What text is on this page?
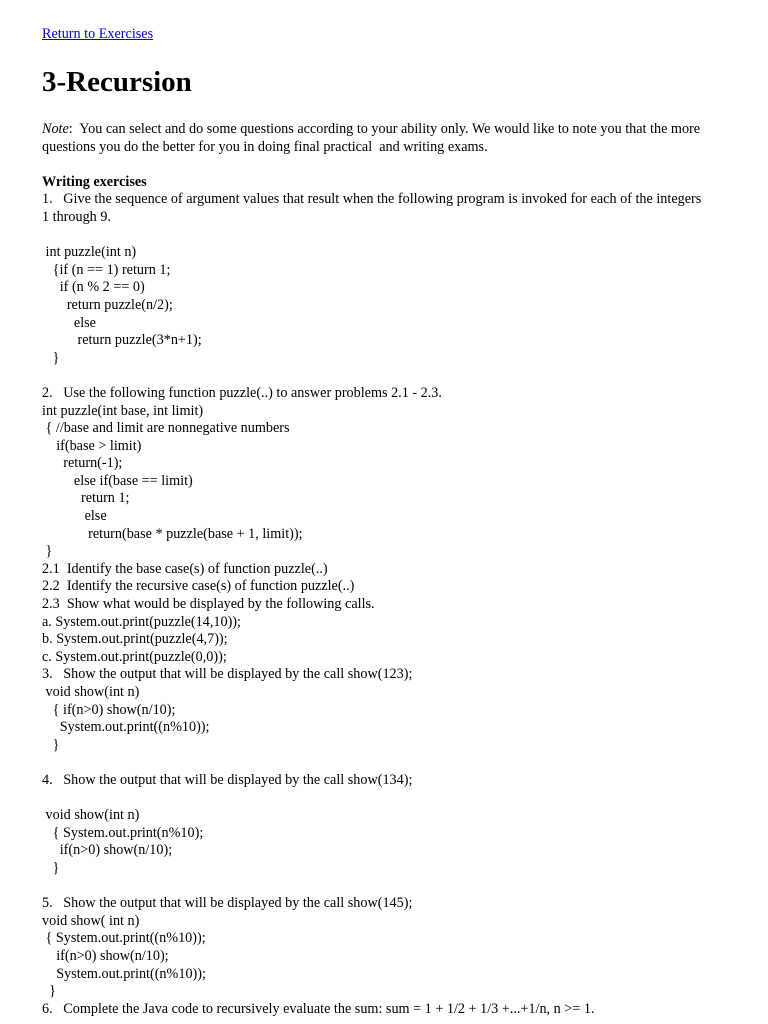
Return to Exercises
3-Recursion
Note:  You can select and do some questions according to your ability only. We would like to note you that the more
questions you do the better for you in doing final practical  and writing exams.
Writing exercises
1.   Give the sequence of argument values that result when the following program is invoked for each of the integers
1 through 9.
int puzzle(int n)
{if (n == 1) return 1;
if (n % 2 == 0)
return puzzle(n/2);
else
return puzzle(3*n+1);
}
2.   Use the following function puzzle(..) to answer problems 2.1 - 2.3.
int puzzle(int base, int limit)
{ //base and limit are nonnegative numbers
if(base > limit)
return(-1);
else if(base == limit)
return 1;
else
return(base * puzzle(base + 1, limit));
}
2.1  Identify the base case(s) of function puzzle(..)
2.2  Identify the recursive case(s) of function puzzle(..)
2.3  Show what would be displayed by the following calls.
a. System.out.print(puzzle(14,10));
b. System.out.print(puzzle(4,7));
c. System.out.print(puzzle(0,0));
3.   Show the output that will be displayed by the call show(123);
void show(int n)
{ if(n>0) show(n/10);
System.out.print((n%10));
}
4.   Show the output that will be displayed by the call show(134);
void show(int n)
{ System.out.print(n%10);
if(n>0) show(n/10);
}
5.   Show the output that will be displayed by the call show(145);
void show( int n)
{ System.out.print((n%10));
if(n>0) show(n/10);
System.out.print((n%10));
}
6.   Complete the Java code to recursively evaluate the sum: sum = 1 + 1/2 + 1/3 +...+1/n, n >= 1.
